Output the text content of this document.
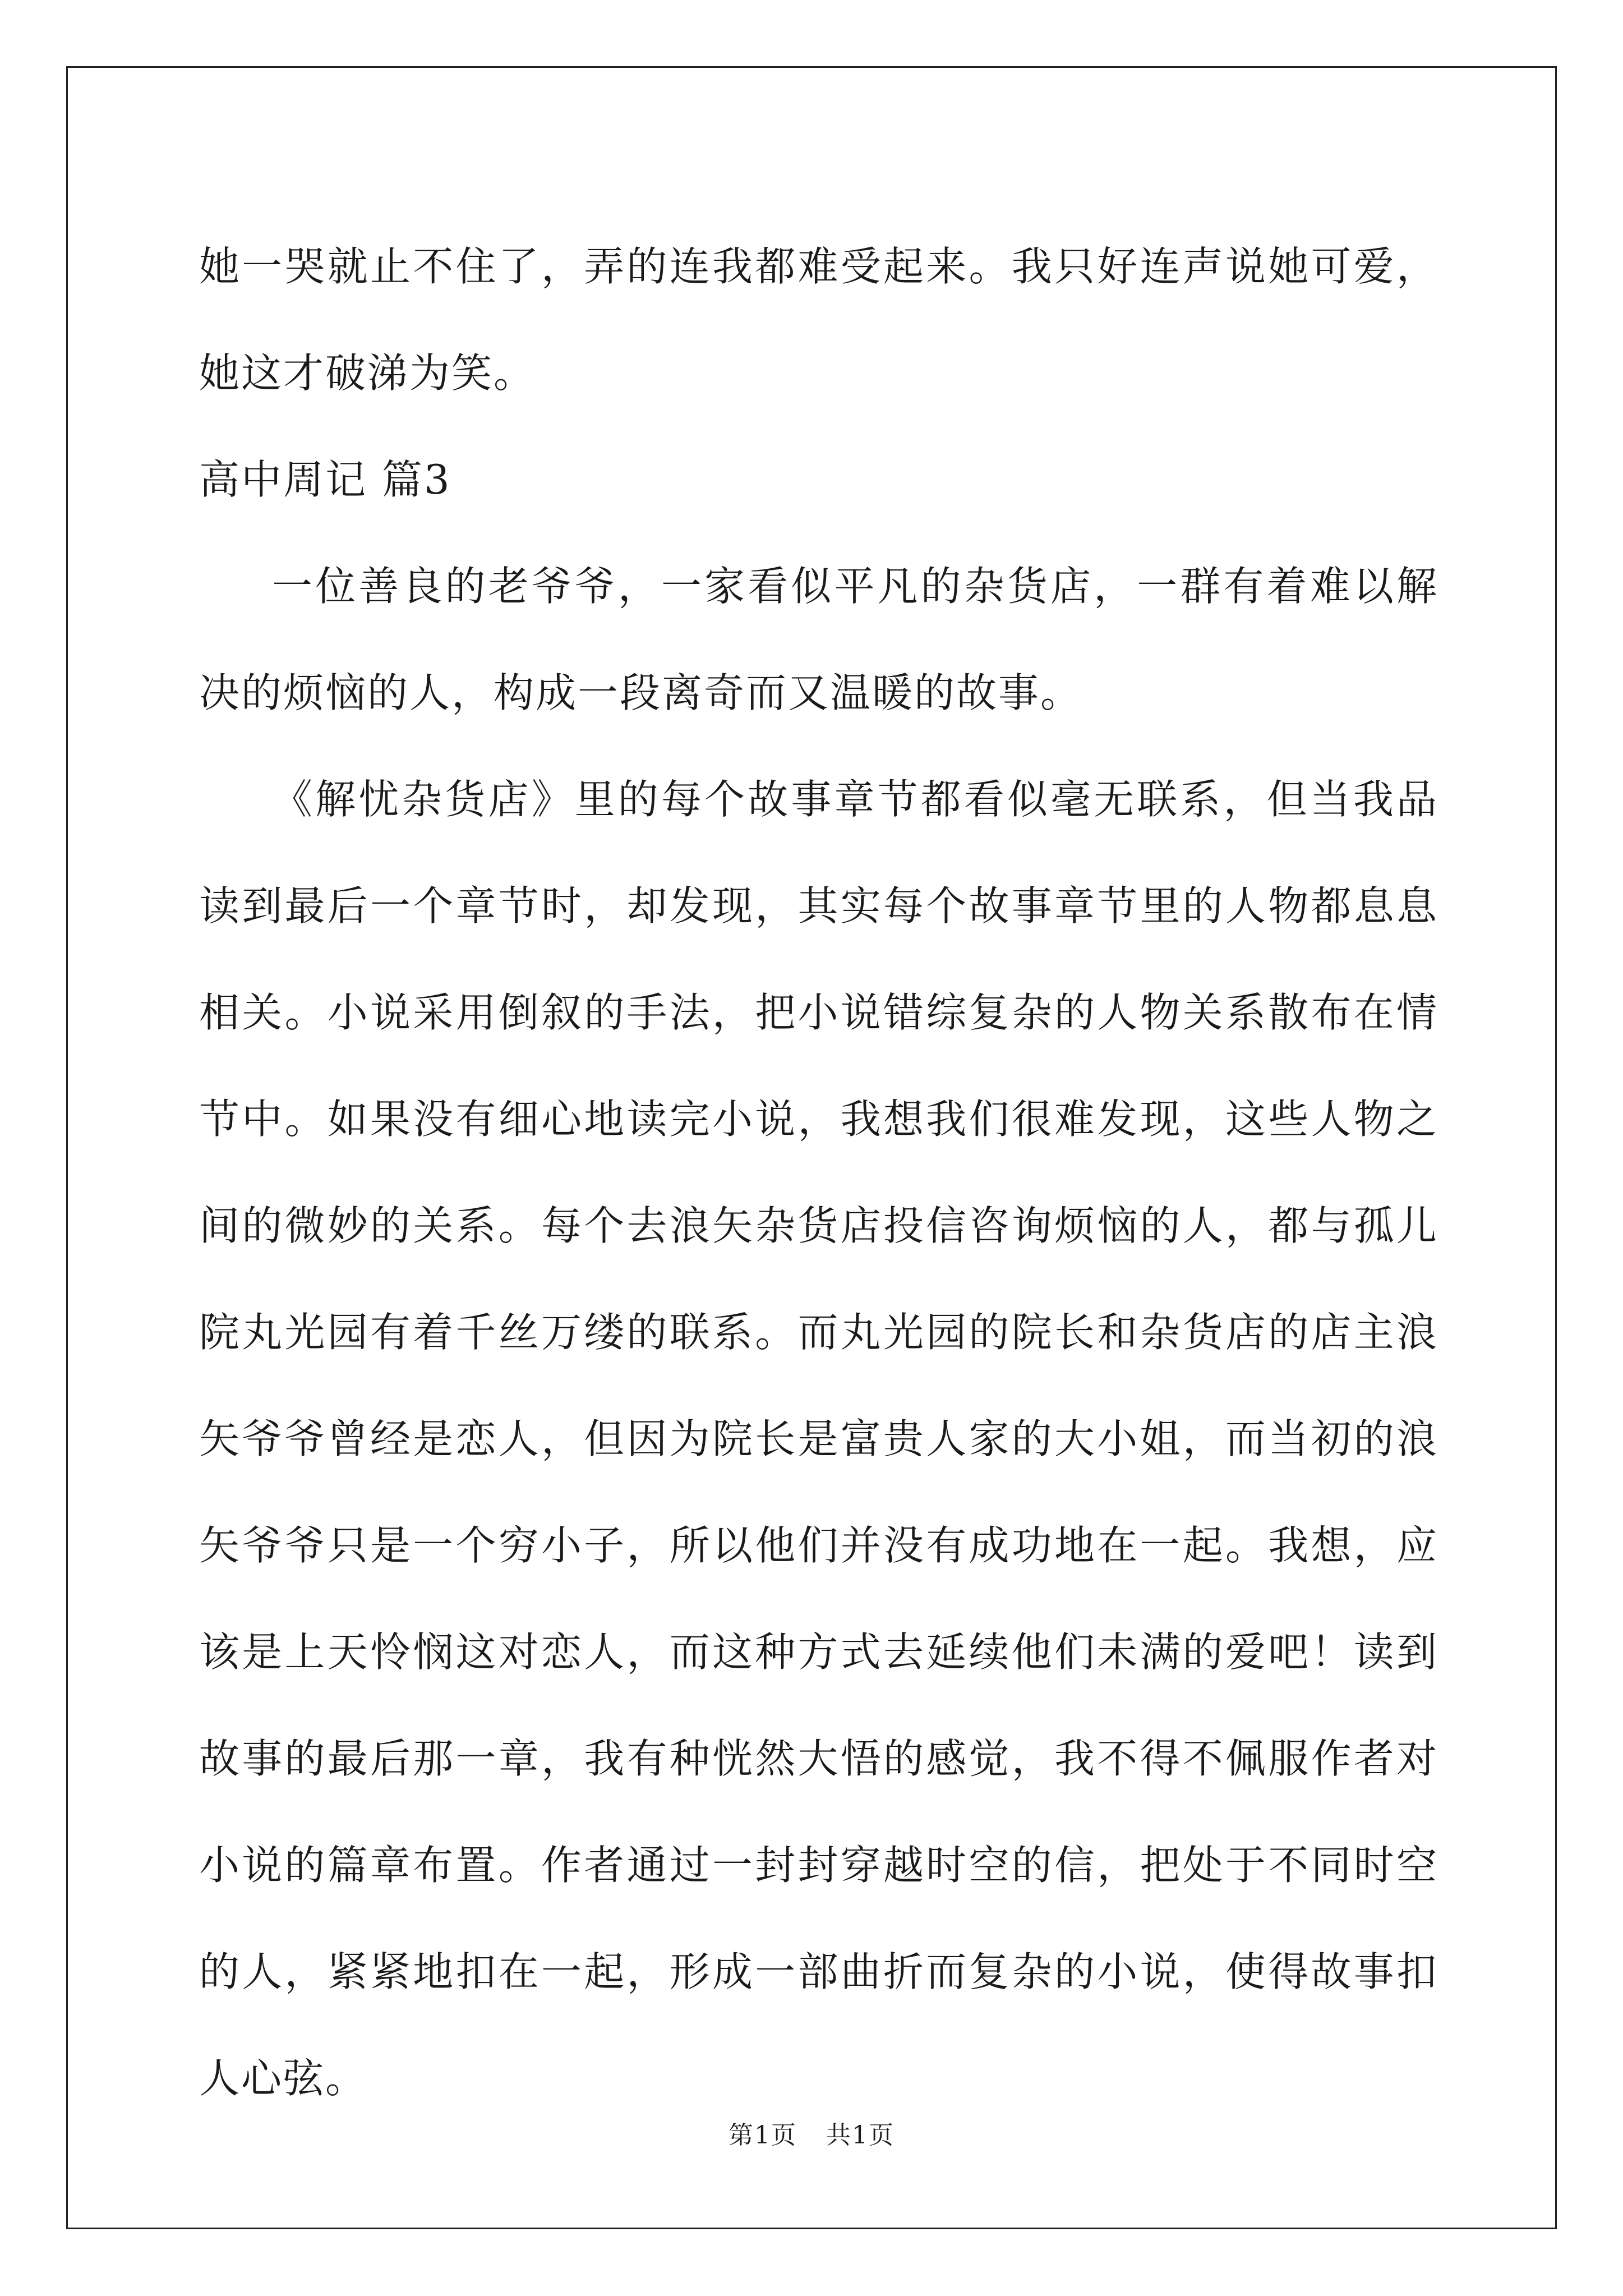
她一哭就止不住了，弄的连我都难受起来。我只好连声说她可爱，她这才破涕为笑。

高中周记 篇3

一位善良的老爷爷，一家看似平凡的杂货店，一群有着难以解决的烦恼的人，构成一段离奇而又温暖的故事。

《解忧杂货店》里的每个故事章节都看似毫无联系，但当我品读到最后一个章节时，却发现，其实每个故事章节里的人物都息息相关。小说采用倒叙的手法，把小说错综复杂的人物关系散布在情节中。如果没有细心地读完小说，我想我们很难发现，这些人物之间的微妙的关系。每个去浪矢杂货店投信咨询烦恼的人，都与孤儿院丸光园有着千丝万缕的联系。而丸光园的院长和杂货店的店主浪矢爷爷曾经是恋人，但因为院长是富贵人家的大小姐，而当初的浪矢爷爷只是一个穷小子，所以他们并没有成功地在一起。我想，应该是上天怜悯这对恋人，而这种方式去延续他们未满的爱吧！读到故事的最后那一章，我有种恍然大悟的感觉，我不得不佩服作者对小说的篇章布置。作者通过一封封穿越时空的信，把处于不同时空的人，紧紧地扣在一起，形成一部曲折而复杂的小说，使得故事扣人心弦。

第1页 共1页
